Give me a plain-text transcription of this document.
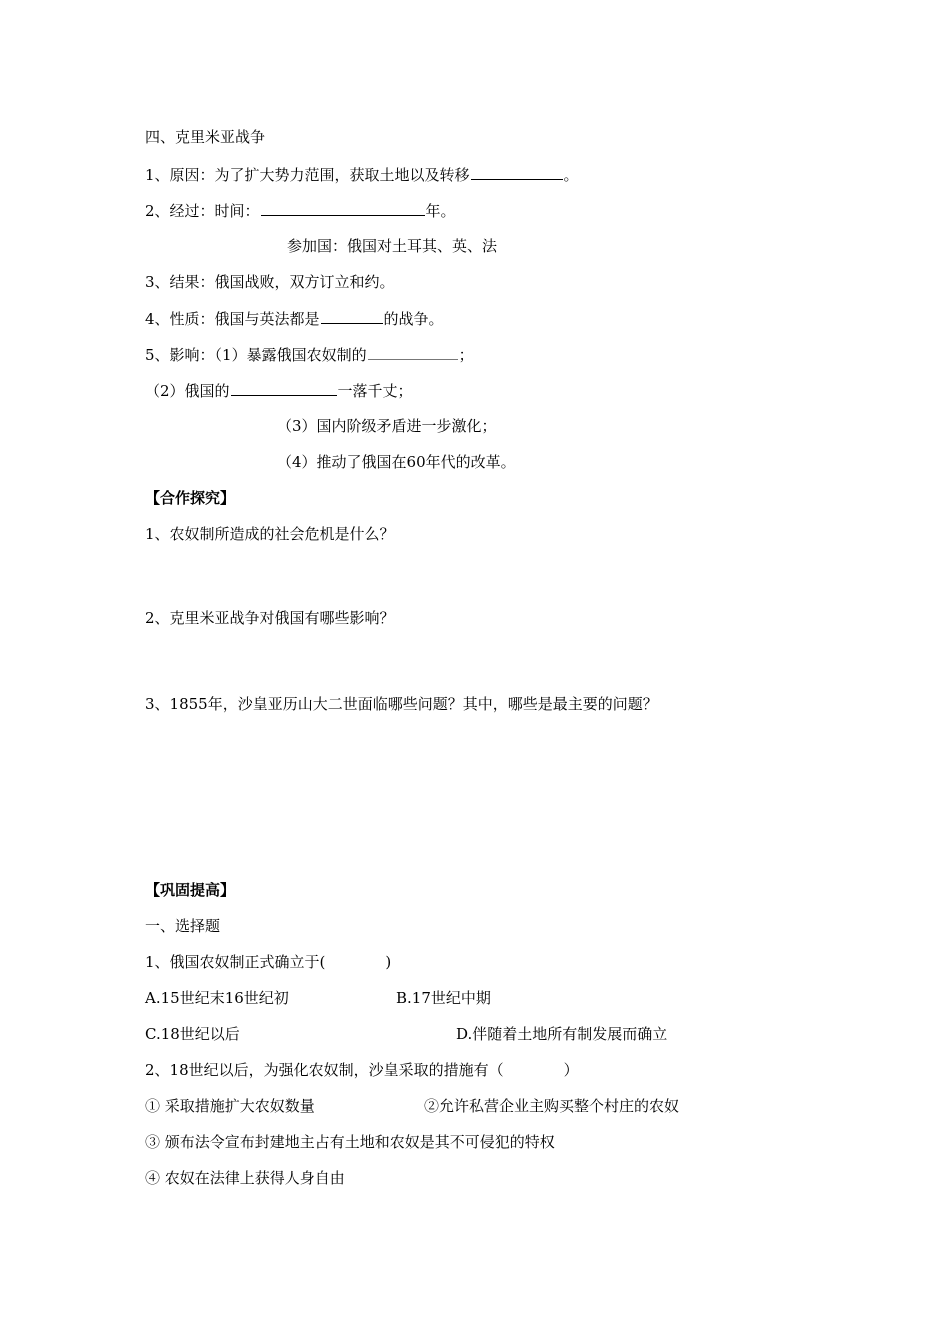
四、克里米亚战争
1、原因：为了扩大势力范围，获取土地以及转移	。
2、经过：时间：	年。
参加国：俄国对土耳其、英、法
3、结果：俄国战败，双方订立和约。
4、性质：俄国与英法都是	的战争。
5、影响：（1）暴露俄国农奴制的	；
（2）俄国的	一落千丈；
（3）国内阶级矛盾进一步激化；
（4）推动了俄国在60年代的改革。
【合作探究】
1、农奴制所造成的社会危机是什么？
2、克里米亚战争对俄国有哪些影响？
3、1855年，沙皇亚历山大二世面临哪些问题？其中，哪些是最主要的问题？
【巩固提高】
一、选择题
1、俄国农奴制正式确立于(　　　　)
A.15世纪末16世纪初	B.17世纪中期
C.18世纪以后	D.伴随着土地所有制发展而确立
2、18世纪以后，为强化农奴制，沙皇采取的措施有（　　　　）
① 采取措施扩大农奴数量	②允许私营企业主购买整个村庄的农奴
③ 颁布法令宣布封建地主占有土地和农奴是其不可侵犯的特权
④ 农奴在法律上获得人身自由
